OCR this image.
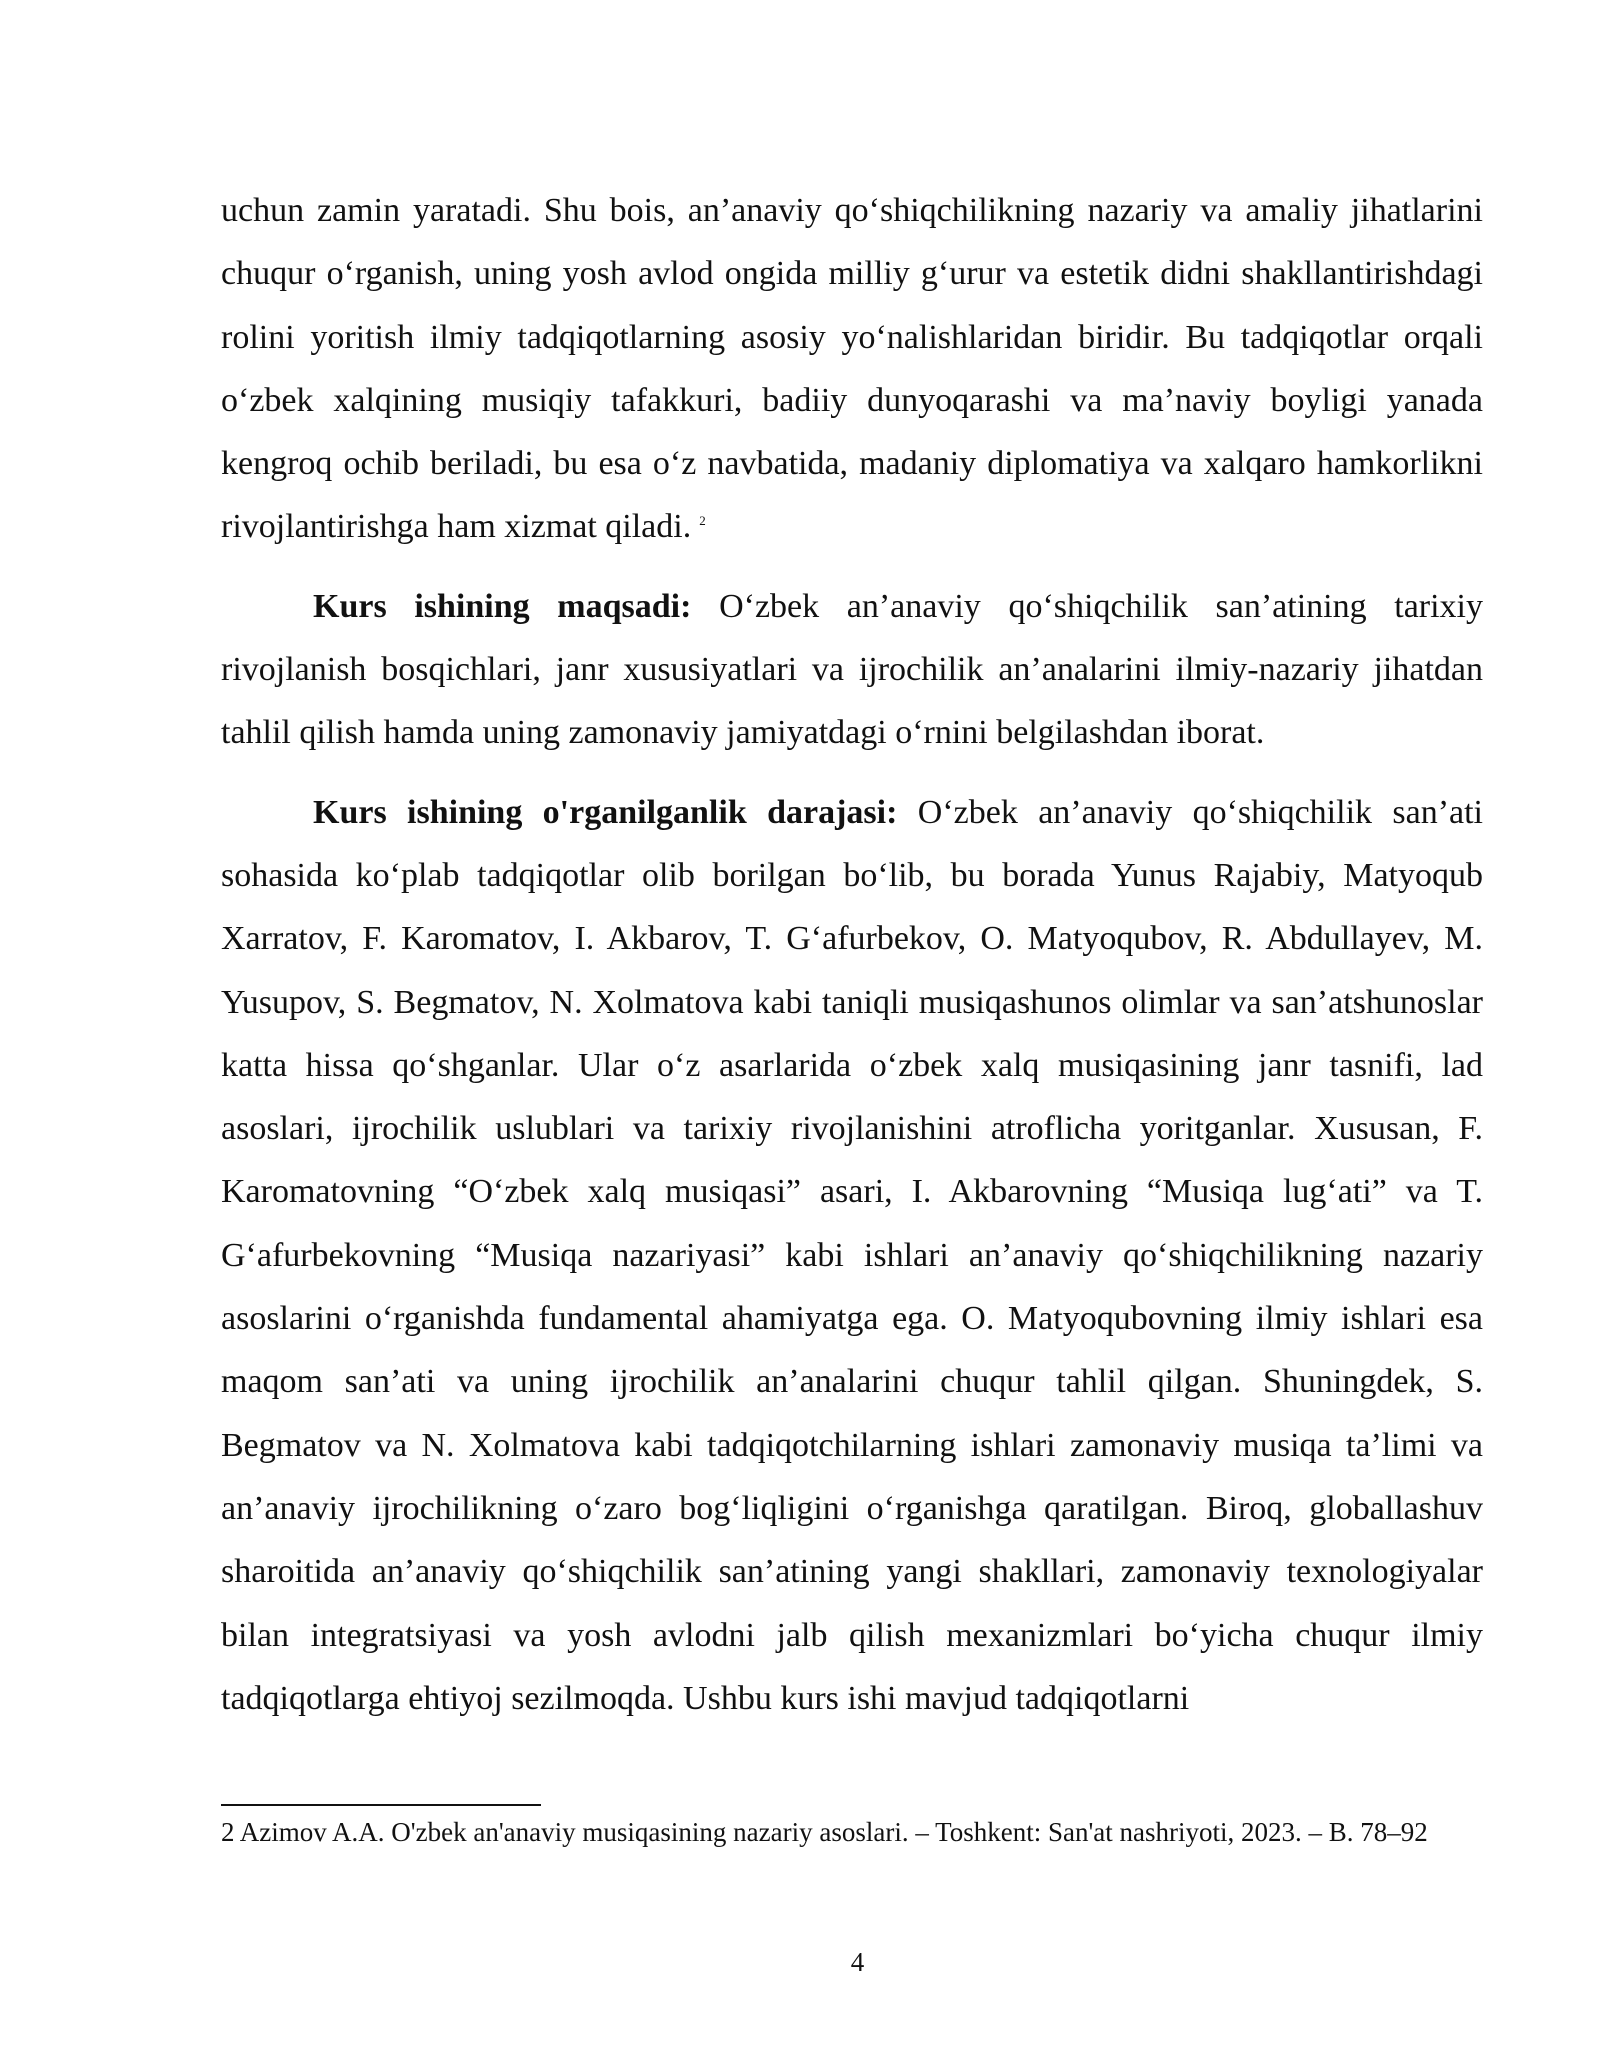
uchun zamin yaratadi. Shu bois, an’anaviy qo‘shiqchilikning nazariy va amaliy jihatlarini chuqur o‘rganish, uning yosh avlod ongida milliy g‘urur va estetik didni shakllantirishdagi rolini yoritish ilmiy tadqiqotlarning asosiy yo‘nalishlaridan biridir. Bu tadqiqotlar orqali o‘zbek xalqining musiqiy tafakkuri, badiiy dunyoqarashi va ma’naviy boyligi yanada kengroq ochib beriladi, bu esa o‘z navbatida, madaniy diplomatiya va xalqaro hamkorlikni rivojlantirishga ham xizmat qiladi. $^2$

Kurs ishining maqsadi: O‘zbek an’anaviy qo‘shiqchilik san’atining tarixiy rivojlanish bosqichlari, janr xususiyatlari va ijrochilik an’analarini ilmiy-nazariy jihatdan tahlil qilish hamda uning zamonaviy jamiyatdagi o‘rnini belgilashdan iborat.

Kurs ishining o'rganilganlik darajasi: O‘zbek an’anaviy qo‘shiqchilik san’ati sohasida ko‘plab tadqiqotlar olib borilgan bo‘lib, bu borada Yunus Rajabiy, Matyoqub Xarratov, F. Karomatov, I. Akbarov, T. G‘afurbekov, O. Matyoqubov, R. Abdullayev, M. Yusupov, S. Begmatov, N. Xolmatova kabi taniqli musiqashunos olimlar va san’atshunoslar katta hissa qo‘shganlar. Ular o‘z asarlarida o‘zbek xalq musiqasining janr tasnifi, lad asoslari, ijrochilik uslublari va tarixiy rivojlanishini atroflicha yoritganlar. Xususan, F. Karomatovning “O‘zbek xalq musiqasi” asari, I. Akbarovning “Musiqa lug‘ati” va T. G‘afurbekovning “Musiqa nazariyasi” kabi ishlari an’anaviy qo‘shiqchilikning nazariy asoslarini o‘rganishda fundamental ahamiyatga ega. O. Matyoqubovning ilmiy ishlari esa maqom san’ati va uning ijrochilik an’analarini chuqur tahlil qilgan. Shuningdek, S. Begmatov va N. Xolmatova kabi tadqiqotchilarning ishlari zamonaviy musiqa ta’limi va an’anaviy ijrochilikning o‘zaro bog‘liqligini o‘rganishga qaratilgan. Biroq, globallashuv sharoitida an’anaviy qo‘shiqchilik san’atining yangi shakllari, zamonaviy texnologiyalar bilan integratsiyasi va yosh avlodni jalb qilish mexanizmlari bo‘yicha chuqur ilmiy tadqiqotlarga ehtiyoj sezilmoqda. Ushbu kurs ishi mavjud tadqiqotlarni

2 Azimov A.A. O'zbek an'anaviy musiqasining nazariy asoslari. – Toshkent: San'at nashriyoti, 2023. – B. 78–92

4
